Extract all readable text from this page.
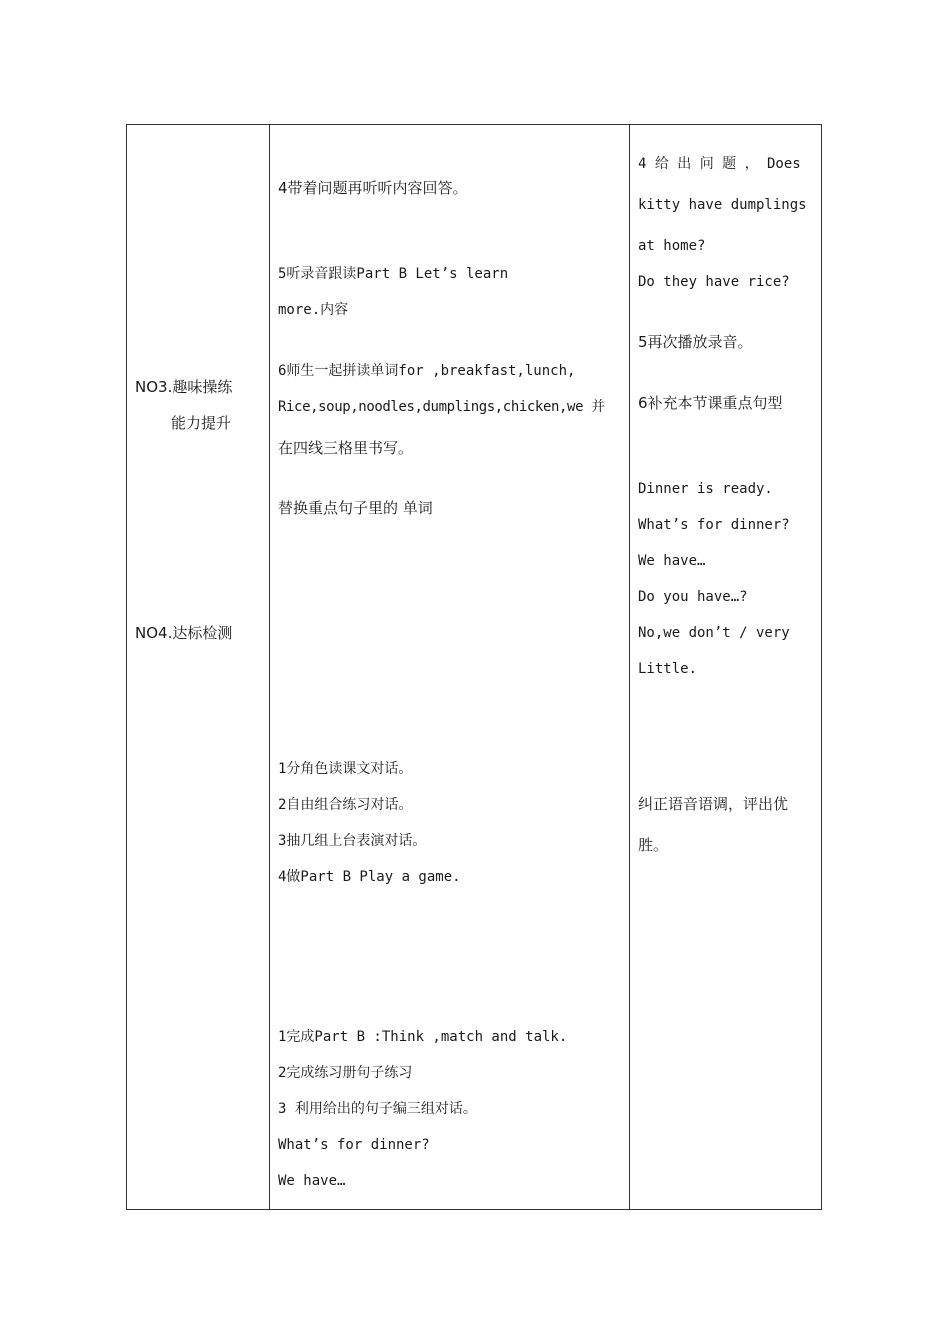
NO3.趣味操练
能力提升
NO4.达标检测
4带着问题再听听内容回答。
5听录音跟读Part B Let’s learn
more.内容
6师生一起拼读单词for ,breakfast,lunch,
Rice,soup,noodles,dumplings,chicken,we 并
在四线三格里书写。
替换重点句子里的 单词
1分角色读课文对话。
2自由组合练习对话。
3抽几组上台表演对话。
4做Part B Play a game.
1完成Part B :Think ,match and talk.
2完成练习册句子练习
3 利用给出的句子编三组对话。
What’s for dinner?
We have…
4 给 出 问 题 ， Does
kitty have dumplings
at home?
Do they have rice?
5再次播放录音。
6补充本节课重点句型
Dinner is ready.
What’s for dinner?
We have…
Do you have…?
No,we don’t / very
Little.
纠正语音语调，评出优
胜。
